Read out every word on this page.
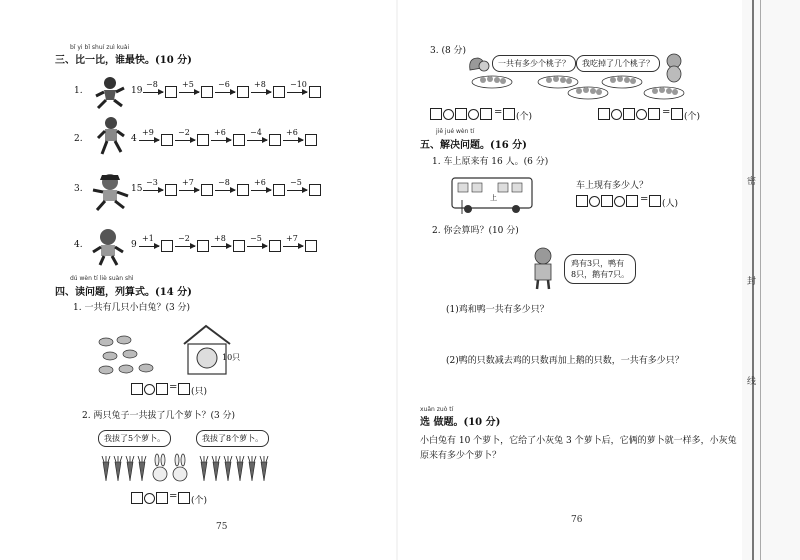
密
封
线
bǐ yi bǐ shuí zuì kuài
三、比一比，谁最快。(10 分)
1.	19
−8	+5	−6	+8	−10
2.	4
+9	−2	+6	−4	+6
3.	15
−3	+7	−8	+6	−5
4.	9
+1	−2	+8	−5	+7
dú wèn tí liè suàn shì
四、读问题，列算式。(14 分)
1. 一共有几只小白兔？(3 分)
10只
= (只)
2. 两只兔子一共拔了几个萝卜？(3 分)
我拔了5个萝卜。	我拔了8个萝卜。
= (个)
75
3. (8 分)
一共有多少个桃子？	我吃掉了几个桃子？
= (个)	= (个)
jiě jué wèn tí
五、解决问题。(16 分)
1. 车上原来有 16 人。(6 分)
上
车上现有多少人？
= (人)
2. 你会算吗？(10 分)
鸡有3只，鸭有
8只，鹅有7只。
(1)鸡和鸭一共有多少只？
(2)鸭的只数减去鸡的只数再加上鹅的只数，一共有多少只？
xuǎn zuò tí
选 做题。(10 分)
小白兔有 10 个萝卜，它给了小灰兔 3 个萝卜后，它俩的萝卜就一样多，小灰兔
原来有多少个萝卜？
76
